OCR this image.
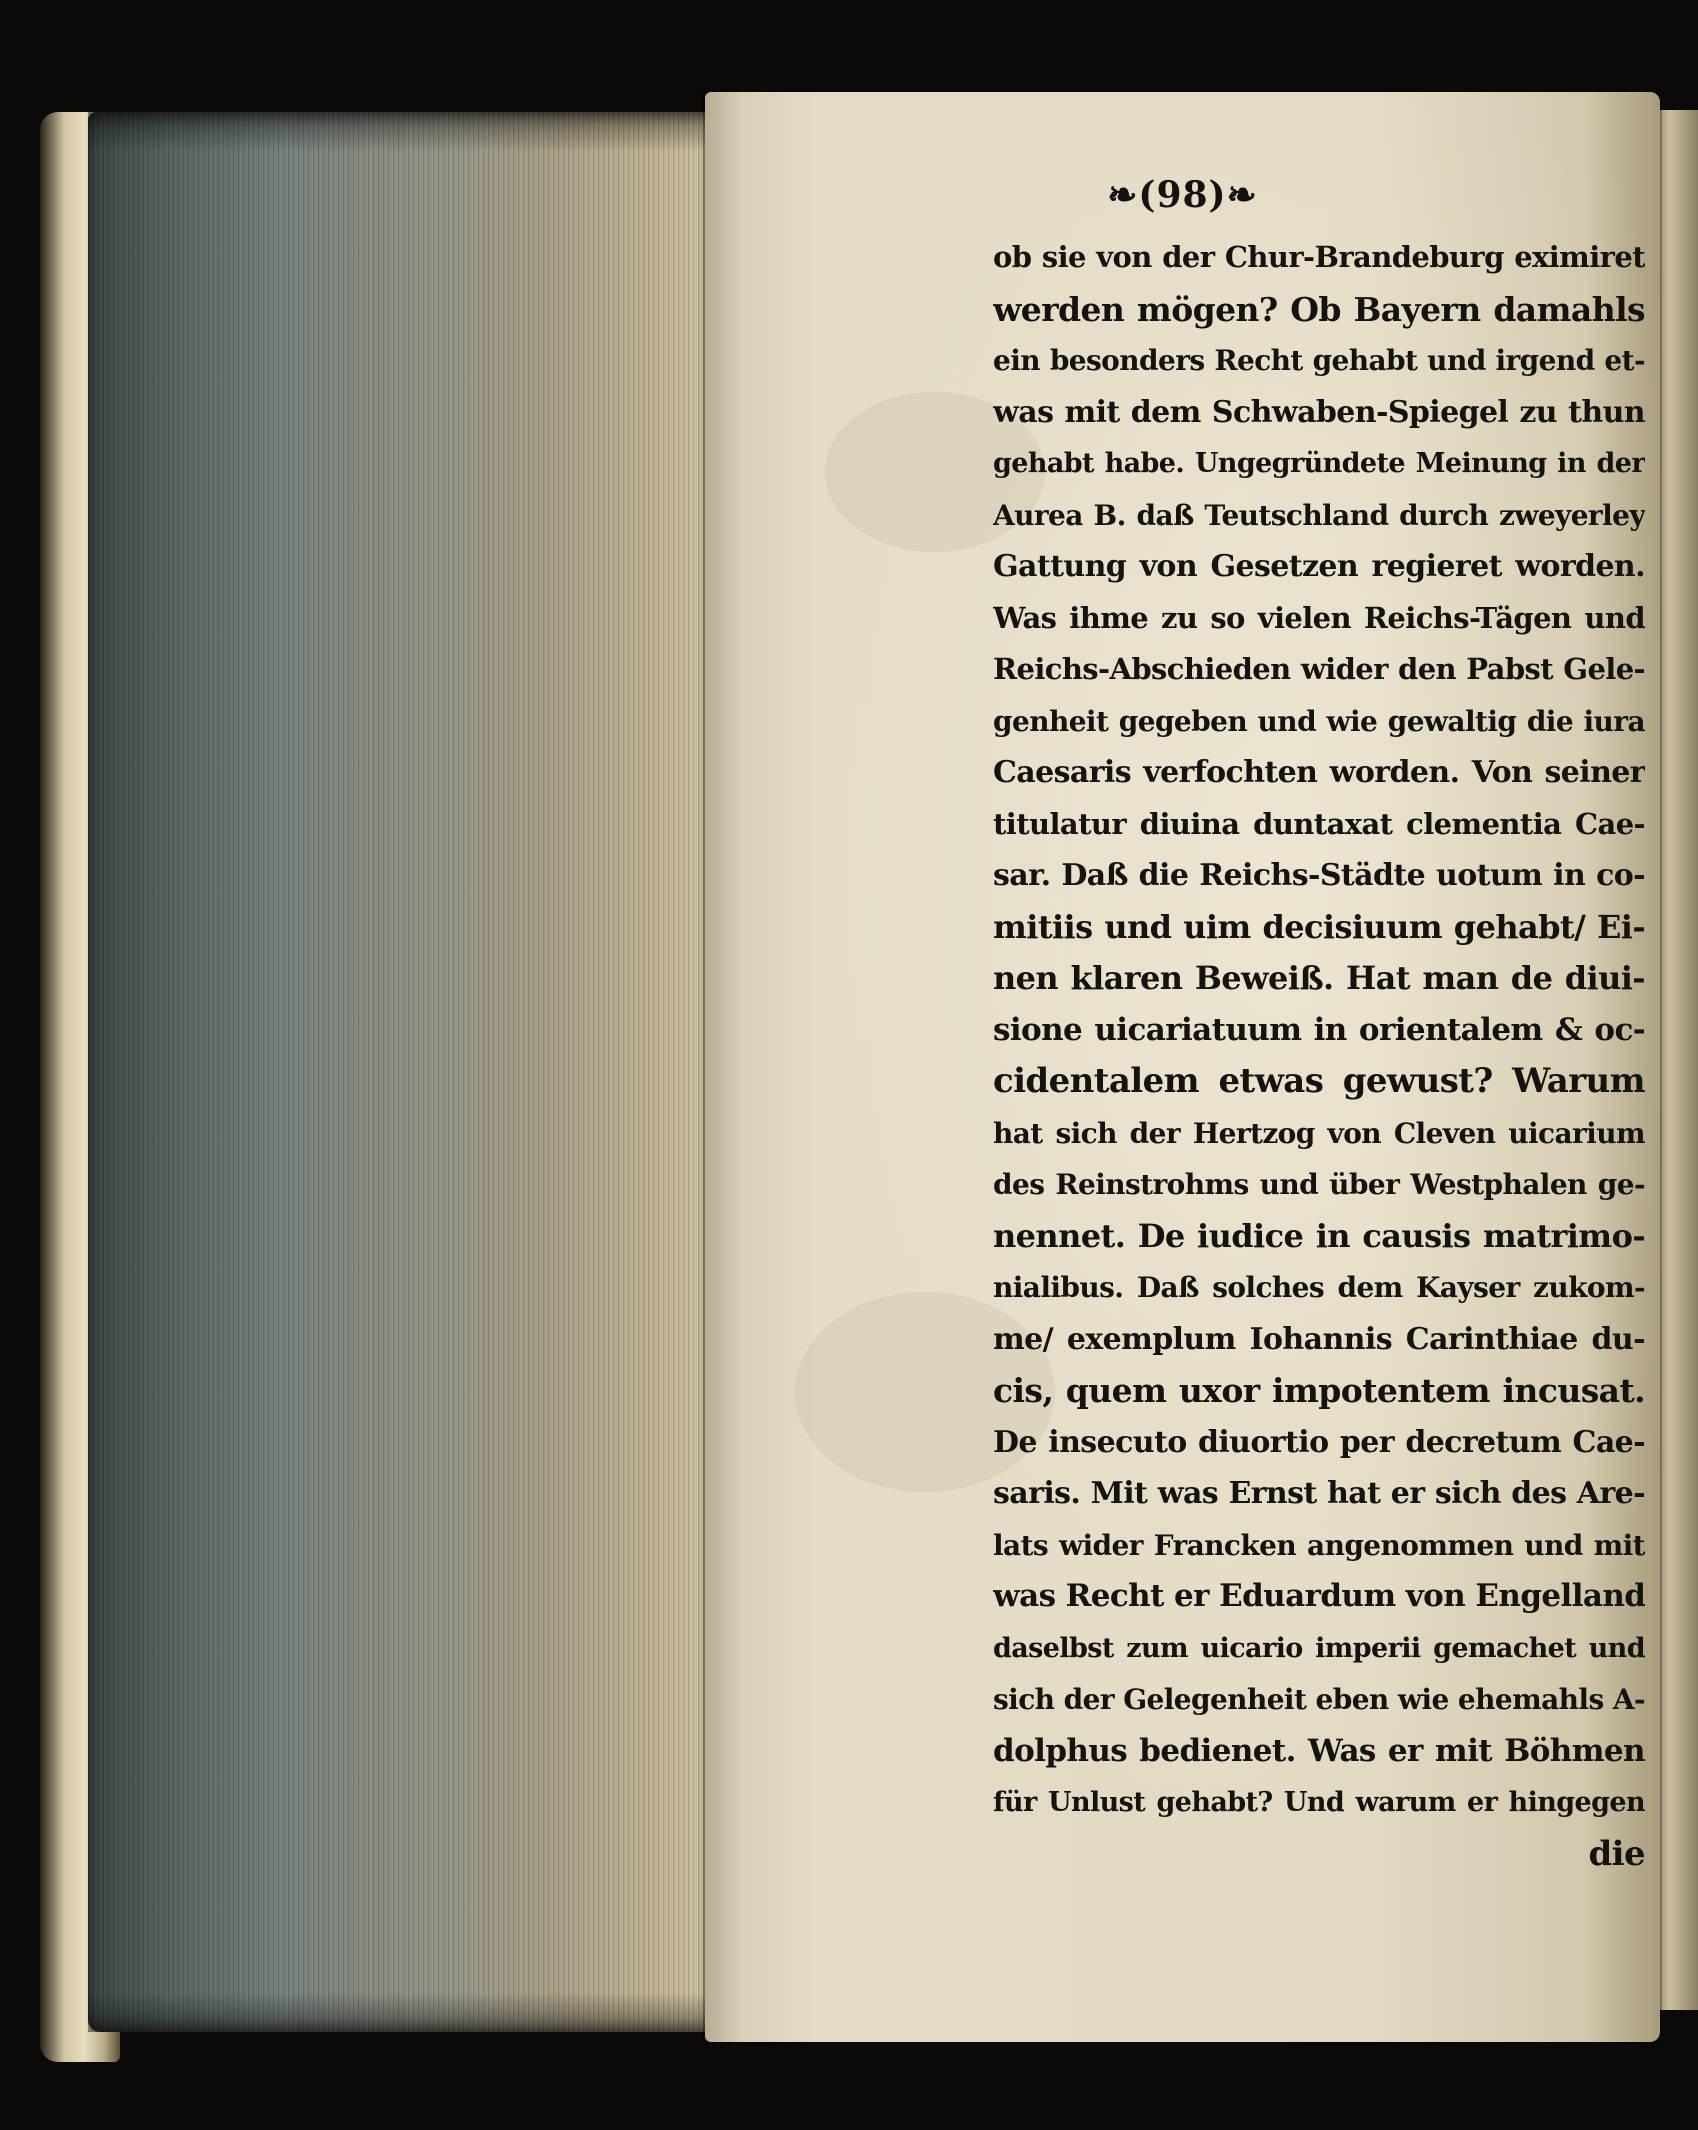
❧(98)❧
ob sie von der Chur-Brandeburg eximiret
werden mögen? Ob Bayern damahls
ein besonders Recht gehabt und irgend et-
was mit dem Schwaben-Spiegel zu thun
gehabt habe. Ungegründete Meinung in der
Aurea B. daß Teutschland durch zweyerley
Gattung von Gesetzen regieret worden.
Was ihme zu so vielen Reichs-Tägen und
Reichs-Abschieden wider den Pabst Gele-
genheit gegeben und wie gewaltig die iura
Caesaris verfochten worden. Von seiner
titulatur diuina duntaxat clementia Cae-
sar. Daß die Reichs-Städte uotum in co-
mitiis und uim decisiuum gehabt/ Ei-
nen klaren Beweiß. Hat man de diui-
sione uicariatuum in orientalem & oc-
cidentalem etwas gewust? Warum
hat sich der Hertzog von Cleven uicarium
des Reinstrohms und über Westphalen ge-
nennet. De iudice in causis matrimo-
nialibus. Daß solches dem Kayser zukom-
me/ exemplum Iohannis Carinthiae du-
cis, quem uxor impotentem incusat.
De insecuto diuortio per decretum Cae-
saris. Mit was Ernst hat er sich des Are-
lats wider Francken angenommen und mit
was Recht er Eduardum von Engelland
daselbst zum uicario imperii gemachet und
sich der Gelegenheit eben wie ehemahls A-
dolphus bedienet. Was er mit Böhmen
für Unlust gehabt? Und warum er hingegen
die
